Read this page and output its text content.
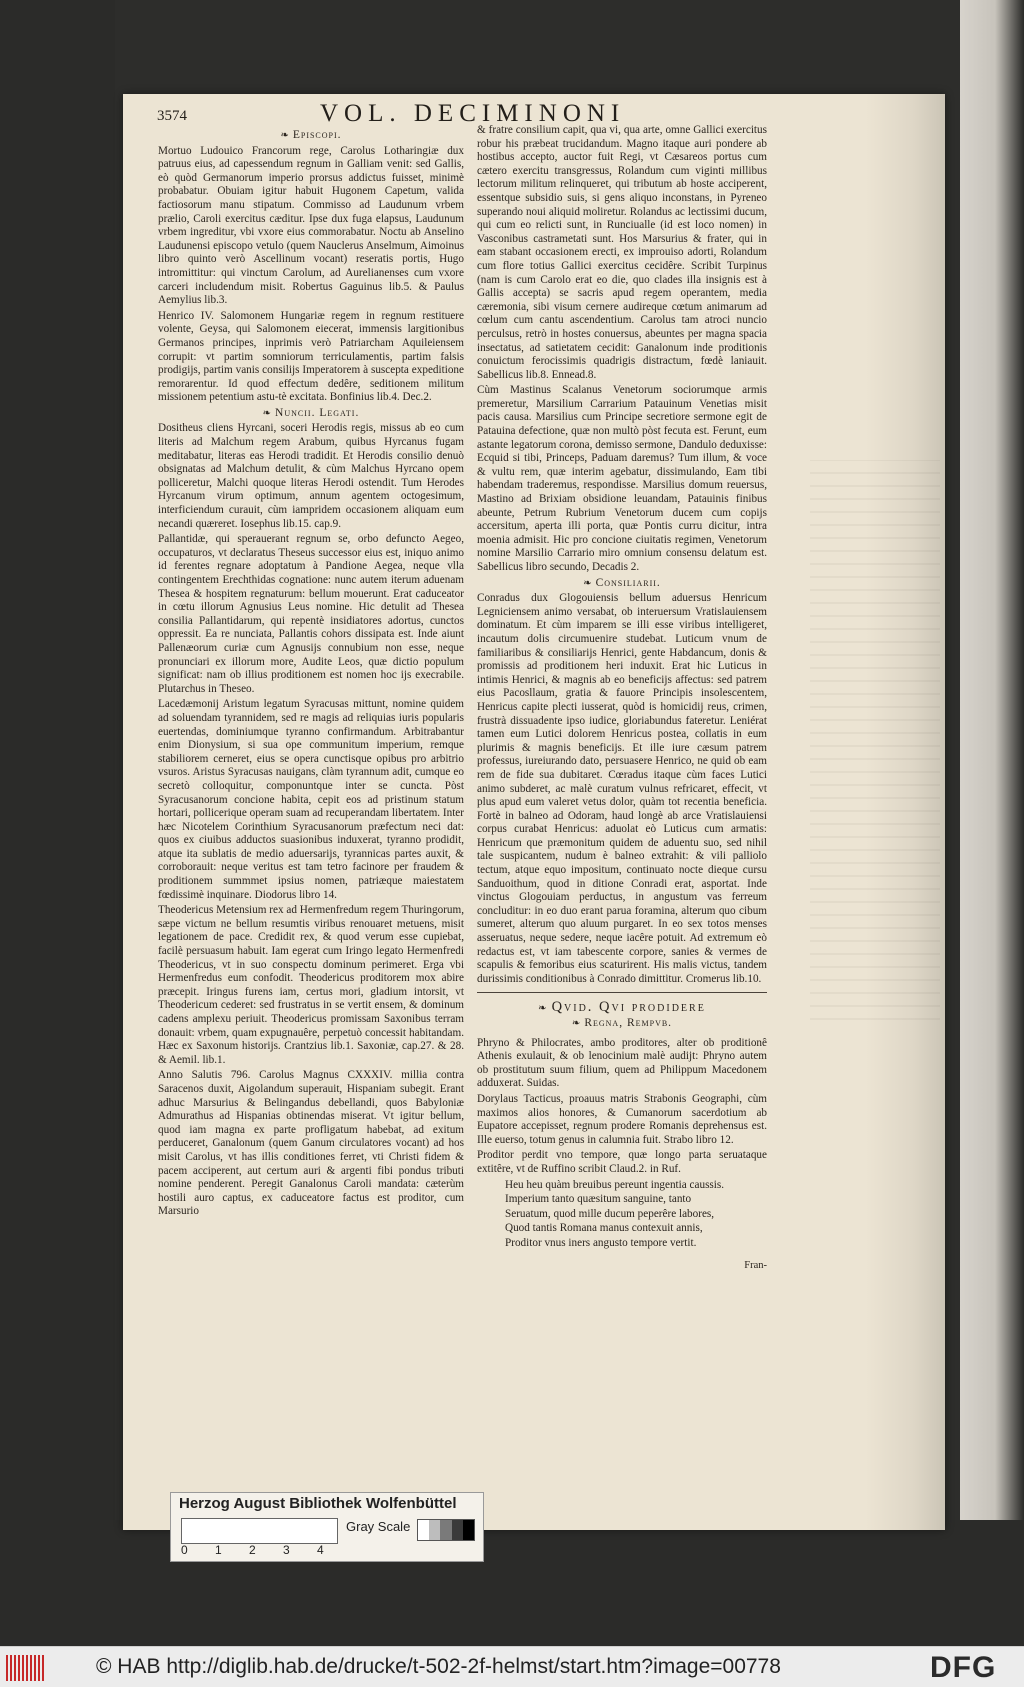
3574	VOL. DECIMINONI
❧ Episcopi.

Mortuo Ludouico Francorum rege, Carolus Lotharingiæ dux patruus eius, ad capessendum regnum in Galliam venit: sed Gallis, eò quòd Germanorum imperio prorsus addictus fuisset, minimè probabatur. Obuiam igitur habuit Hugonem Capetum, valida factiosorum manu stipatum. Commisso ad Laudunum vrbem prælio, Caroli exercitus cæditur. Ipse dux fuga elapsus, Laudunum vrbem ingreditur, vbi vxore eius commorabatur. Noctu ab Anselino Laudunensi episcopo vetulo (quem Nauclerus Anselmum, Aimoinus libro quinto verò Ascellinum vocant) reseratis portis, Hugo intromittitur: qui vinctum Carolum, ad Aurelianenses cum vxore carceri includendum misit. Robertus Gaguinus lib.5. & Paulus Aemylius lib.3.

Henrico IV. Salomonem Hungariæ regem in regnum restituere volente, Geysa, qui Salomonem eiecerat, immensis largitionibus Germanos principes, inprimis verò Patriarcham Aquileiensem corrupit: vt partim somniorum terriculamentis, partim falsis prodigijs, partim vanis consilijs Imperatorem à suscepta expeditione remorarentur. Id quod effectum dedêre, seditionem militum missionem petentium astu-tè excitata. Bonfinius lib.4. Dec.2.

❧ Nuncii. Legati.

Dositheus cliens Hyrcani, soceri Herodis regis, missus ab eo cum literis ad Malchum regem Arabum, quibus Hyrcanus fugam meditabatur, literas eas Herodi tradidit. Et Herodis consilio denuò obsignatas ad Malchum detulit, & cùm Malchus Hyrcano opem polliceretur, Malchi quoque literas Herodi ostendit. Tum Herodes Hyrcanum virum optimum, annum agentem octogesimum, interficiendum curauit, cùm iampridem occasionem aliquam eum necandi quæreret. Iosephus lib.15. cap.9.

Pallantidæ, qui sperauerant regnum se, orbo defuncto Aegeo, occupaturos, vt declaratus Theseus successor eius est, iniquo animo id ferentes regnare adoptatum à Pandione Aegea, neque vlla contingentem Erechthidas cognatione: nunc autem iterum aduenam Thesea & hospitem regnaturum: bellum mouerunt. Erat caduceator in cœtu illorum Agnusius Leus nomine. Hic detulit ad Thesea consilia Pallantidarum, qui repentè insidiatores adortus, cunctos oppressit. Ea re nunciata, Pallantis cohors dissipata est. Inde aiunt Pallenæorum curiæ cum Agnusijs connubium non esse, neque pronunciari ex illorum more, Audite Leos, quæ dictio populum significat: nam ob illius proditionem est nomen hoc ijs execrabile. Plutarchus in Theseo.

Lacedæmonij Aristum legatum Syracusas mittunt, nomine quidem ad soluendam tyrannidem, sed re magis ad reliquias iuris popularis euertendas, dominiumque tyranno confirmandum. Arbitrabantur enim Dionysium, si sua ope communitum imperium, remque stabiliorem cerneret, eius se opera cunctisque opibus pro arbitrio vsuros. Aristus Syracusas nauigans, clàm tyrannum adit, cumque eo secretò colloquitur, componuntque inter se cuncta. Pòst Syracusanorum concione habita, cepit eos ad pristinum statum hortari, pollicerique operam suam ad recuperandam libertatem. Inter hæc Nicotelem Corinthium Syracusanorum præfectum neci dat: quos ex ciuibus adductos suasionibus induxerat, tyranno prodidit, atque ita sublatis de medio aduersarijs, tyrannicas partes auxit, & corroborauit: neque veritus est tam tetro facinore per fraudem & proditionem summmet ipsius nomen, patriæque maiestatem fœdissimè inquinare. Diodorus libro 14.

Theodericus Metensium rex ad Hermenfredum regem Thuringorum, sæpe victum ne bellum resumtis viribus renouaret metuens, misit legationem de pace. Credidit rex, & quod verum esse cupiebat, facilè persuasum habuit. Iam egerat cum Iringo legato Hermenfredi Theodericus, vt in suo conspectu dominum perimeret. Erga vbi Hermenfredus eum confodit. Theodericus proditorem mox abire præcepit. Iringus furens iam, certus mori, gladium intorsit, vt Theodericum cederet: sed frustratus in se vertit ensem, & dominum cadens amplexu periuit. Theodericus promissam Saxonibus terram donauit: vrbem, quam expugnauêre, perpetuò concessit habitandam. Hæc ex Saxonum historijs. Crantzius lib.1. Saxoniæ, cap.27. & 28. & Aemil. lib.1.

Anno Salutis 796. Carolus Magnus CXXXIV. millia contra Saracenos duxit, Aigolandum superauit, Hispaniam subegit. Erant adhuc Marsurius & Belingandus debellandi, quos Babyloniæ Admurathus ad Hispanias obtinendas miserat. Vt igitur bellum, quod iam magna ex parte profligatum habebat, ad exitum perduceret, Ganalonum (quem Ganum circulatores vocant) ad hos misit Carolus, vt has illis conditiones ferret, vti Christi fidem & pacem acciperent, aut certum auri & argenti fibi pondus tributi nomine penderent. Peregit Ganalonus Caroli mandata: cæterùm hostili auro captus, ex caduceatore factus est proditor, cum Marsurio

& fratre consilium capit, qua vi, qua arte, omne Gallici exercitus robur his præbeat trucidandum. Magno itaque auri pondere ab hostibus accepto, auctor fuit Regi, vt Cæsareos portus cum cætero exercitu transgressus, Rolandum cum viginti millibus lectorum militum relinqueret, qui tributum ab hoste acciperent, essentque subsidio suis, si gens aliquo inconstans, in Pyreneo superando noui aliquid moliretur. Rolandus ac lectissimi ducum, qui cum eo relicti sunt, in Runciualle (id est loco nomen) in Vasconibus castrametati sunt. Hos Marsurius & frater, qui in eam stabant occasionem erecti, ex improuiso adorti, Rolandum cum flore totius Gallici exercitus cecidêre. Scribit Turpinus (nam is cum Carolo erat eo die, quo clades illa insignis est à Gallis accepta) se sacris apud regem operantem, media cæremonia, sibi visum cernere audireque cœtum animarum ad cœlum cum cantu ascendentium. Carolus tam atroci nuncio perculsus, retrò in hostes conuersus, abeuntes per magna spacia insectatus, ad satietatem cecidit: Ganalonum inde proditionis conuictum ferocissimis quadrigis distractum, fœdè laniauit. Sabellicus lib.8. Ennead.8.

Cùm Mastinus Scalanus Venetorum sociorumque armis premeretur, Marsilium Carrarium Patauinum Venetias misit pacis causa. Marsilius cum Principe secretiore sermone egit de Patauina defectione, quæ non multò pòst fecuta est. Ferunt, eum astante legatorum corona, demisso sermone, Dandulo deduxisse: Ecquid si tibi, Princeps, Paduam daremus? Tum illum, & voce & vultu rem, quæ interim agebatur, dissimulando, Eam tibi habendam traderemus, respondisse. Marsilius domum reuersus, Mastino ad Brixiam obsidione leuandam, Patauinis finibus abeunte, Petrum Rubrium Venetorum ducem cum copijs accersitum, aperta illi porta, quæ Pontis curru dicitur, intra moenia admisit. Hic pro concione ciuitatis regimen, Venetorum nomine Marsilio Carrario miro omnium consensu delatum est. Sabellicus libro secundo, Decadis 2.

❧ Consiliarii.

Conradus dux Glogouiensis bellum aduersus Henricum Legniciensem animo versabat, ob interuersum Vratislauiensem dominatum. Et cùm imparem se illi esse viribus intelligeret, incautum dolis circumuenire studebat. Luticum vnum de familiaribus & consiliarijs Henrici, gente Habdancum, donis & promissis ad proditionem heri induxit. Erat hic Luticus in intimis Henrici, & magnis ab eo beneficijs affectus: sed patrem eius Pacosllaum, gratia & fauore Principis insolescentem, Henricus capite plecti iusserat, quòd is homicidij reus, crimen, frustrà dissuadente ipso iudice, gloriabundus fateretur. Leniérat tamen eum Lutici dolorem Henricus postea, collatis in eum plurimis & magnis beneficijs. Et ille iure cæsum patrem professus, iureiurando dato, persuasere Henrico, ne quid ob eam rem de fide sua dubitaret. Cœradus itaque cùm faces Lutici animo subderet, ac malè curatum vulnus refricaret, effecit, vt plus apud eum valeret vetus dolor, quàm tot recentia beneficia. Fortè in balneo ad Odoram, haud longè ab arce Vratislauiensi corpus curabat Henricus: aduolat eò Luticus cum armatis: Henricum que præmonitum quidem de aduentu suo, sed nihil tale suspicantem, nudum è balneo extrahit: & vili palliolo tectum, atque equo impositum, continuato nocte dieque cursu Sanduoithum, quod in ditione Conradi erat, asportat. Inde vinctus Glogouiam perductus, in angustum vas ferreum concluditur: in eo duo erant parua foramina, alterum quo cibum sumeret, alterum quo aluum purgaret. In eo sex totos menses asseruatus, neque sedere, neque iacêre potuit. Ad extremum eò redactus est, vt iam tabescente corpore, sanies & vermes de scapulis & femoribus eius scaturirent. His malis victus, tandem durissimis conditionibus à Conrado dimittitur. Cromerus lib.10.

❧ Qvid. Qvi prodidere
❧ Regna, Rempvb.

Phryno & Philocrates, ambo proditores, alter ob proditionê Athenis exulauit, & ob lenocinium malè audijt: Phryno autem ob prostitutum suum filium, quem ad Philippum Macedonem adduxerat. Suidas.

Dorylaus Tacticus, proauus matris Strabonis Geographi, cùm maximos alios honores, & Cumanorum sacerdotium ab Eupatore accepisset, regnum prodere Romanis deprehensus est. Ille euerso, totum genus in calumnia fuit. Strabo libro 12.

Proditor perdit vno tempore, quæ longo parta seruataque extitêre, vt de Ruffino scribit Claud.2. in Ruf.

Heu heu quàm breuibus pereunt ingentia caussis.
Imperium tanto quæsitum sanguine, tanto
Seruatum, quod mille ducum peperêre labores,
Quod tantis Romana manus contexuit annis,
Proditor vnus iners angusto tempore vertit.
Fran-
Herzog August Bibliothek Wolfenbüttel
Gray Scale
0 1 2 3 4
© HAB http://diglib.hab.de/drucke/t-502-2f-helmst/start.htm?image=00778	DFG
